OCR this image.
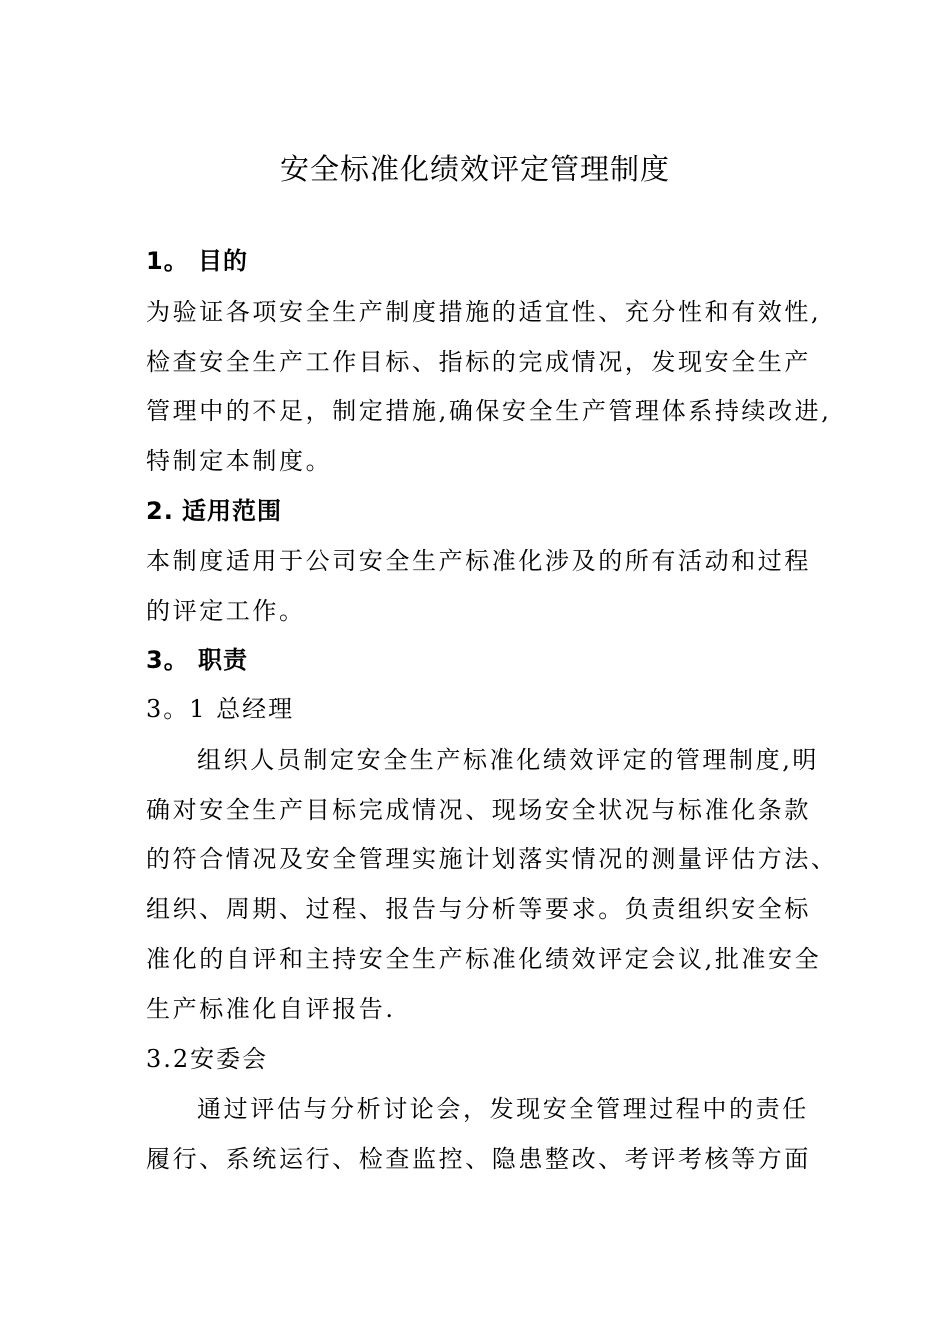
安全标准化绩效评定管理制度
1。 目的
为验证各项安全生产制度措施的适宜性、充分性和有效性,
检查安全生产工作目标、指标的完成情况，发现安全生产
管理中的不足，制定措施,确保安全生产管理体系持续改进,
特制定本制度。
2. 适用范围
本制度适用于公司安全生产标准化涉及的所有活动和过程
的评定工作。
3。 职责
3。1 总经理
组织人员制定安全生产标准化绩效评定的管理制度,明
确对安全生产目标完成情况、现场安全状况与标准化条款
的符合情况及安全管理实施计划落实情况的测量评估方法、
组织、周期、过程、报告与分析等要求。负责组织安全标
准化的自评和主持安全生产标准化绩效评定会议,批准安全
生产标准化自评报告.
3.2安委会
通过评估与分析讨论会，发现安全管理过程中的责任
履行、系统运行、检查监控、隐患整改、考评考核等方面
